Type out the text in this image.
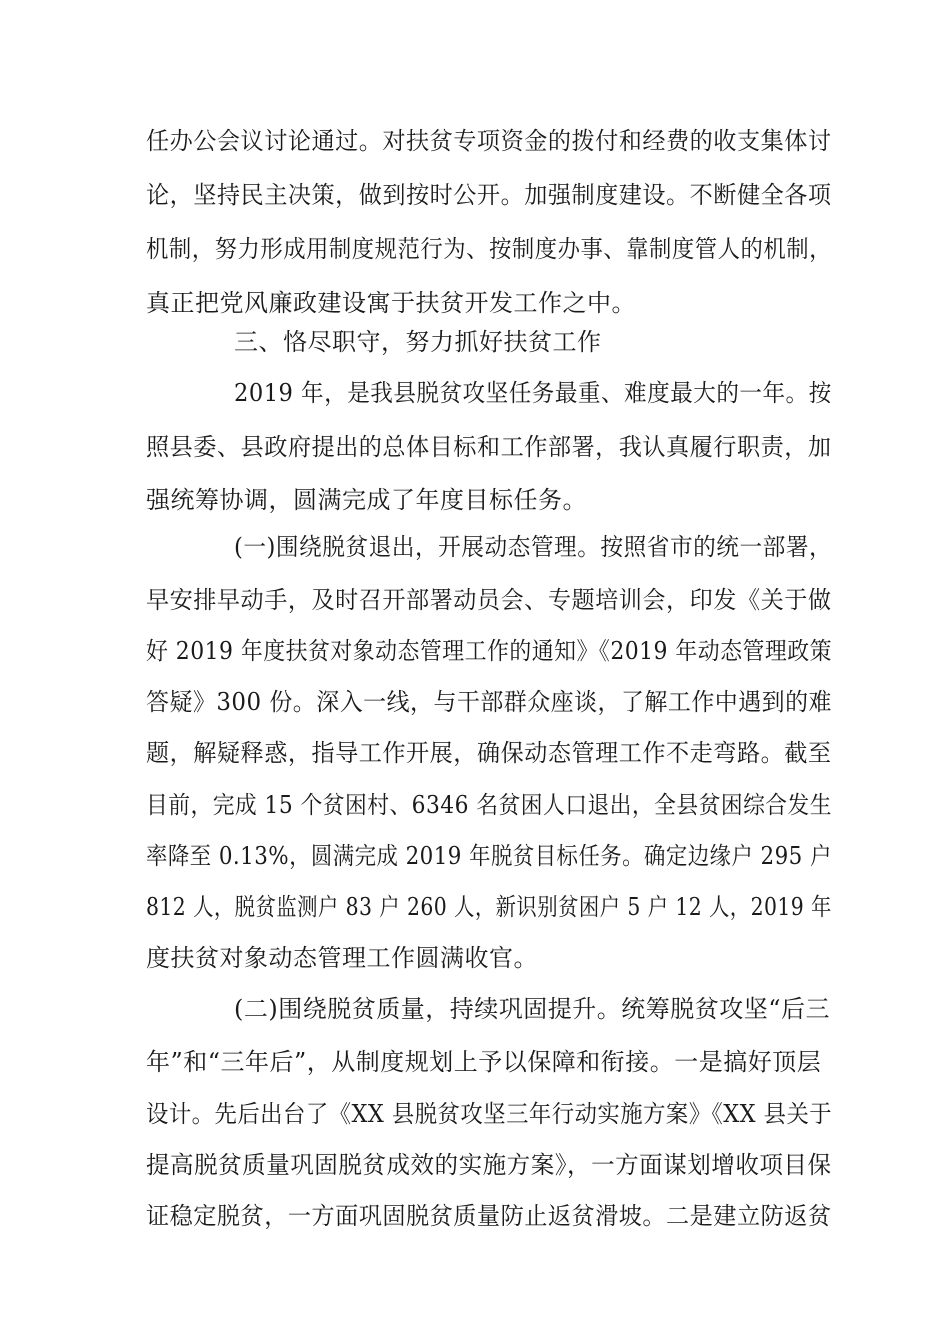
任办公会议讨论通过。对扶贫专项资金的拨付和经费的收支集体讨
论，坚持民主决策，做到按时公开。加强制度建设。不断健全各项
机制，努力形成用制度规范行为、按制度办事、靠制度管人的机制，
真正把党风廉政建设寓于扶贫开发工作之中。
三、恪尽职守，努力抓好扶贫工作
2019 年，是我县脱贫攻坚任务最重、难度最大的一年。按
照县委、县政府提出的总体目标和工作部署，我认真履行职责，加
强统筹协调，圆满完成了年度目标任务。
(一)围绕脱贫退出，开展动态管理。按照省市的统一部署，
早安排早动手，及时召开部署动员会、专题培训会，印发《关于做
好 2019 年度扶贫对象动态管理工作的通知》《2019 年动态管理政策
答疑》300 份。深入一线，与干部群众座谈，了解工作中遇到的难
题，解疑释惑，指导工作开展，确保动态管理工作不走弯路。截至
目前，完成 15 个贫困村、6346 名贫困人口退出，全县贫困综合发生
率降至 0.13%，圆满完成 2019 年脱贫目标任务。确定边缘户 295 户
812 人，脱贫监测户 83 户 260 人，新识别贫困户 5 户 12 人，2019 年
度扶贫对象动态管理工作圆满收官。
(二)围绕脱贫质量，持续巩固提升。统筹脱贫攻坚“后三
年”和“三年后”，从制度规划上予以保障和衔接。一是搞好顶层
设计。先后出台了《XX 县脱贫攻坚三年行动实施方案》《XX 县关于
提高脱贫质量巩固脱贫成效的实施方案》，一方面谋划增收项目保
证稳定脱贫，一方面巩固脱贫质量防止返贫滑坡。二是建立防返贫
